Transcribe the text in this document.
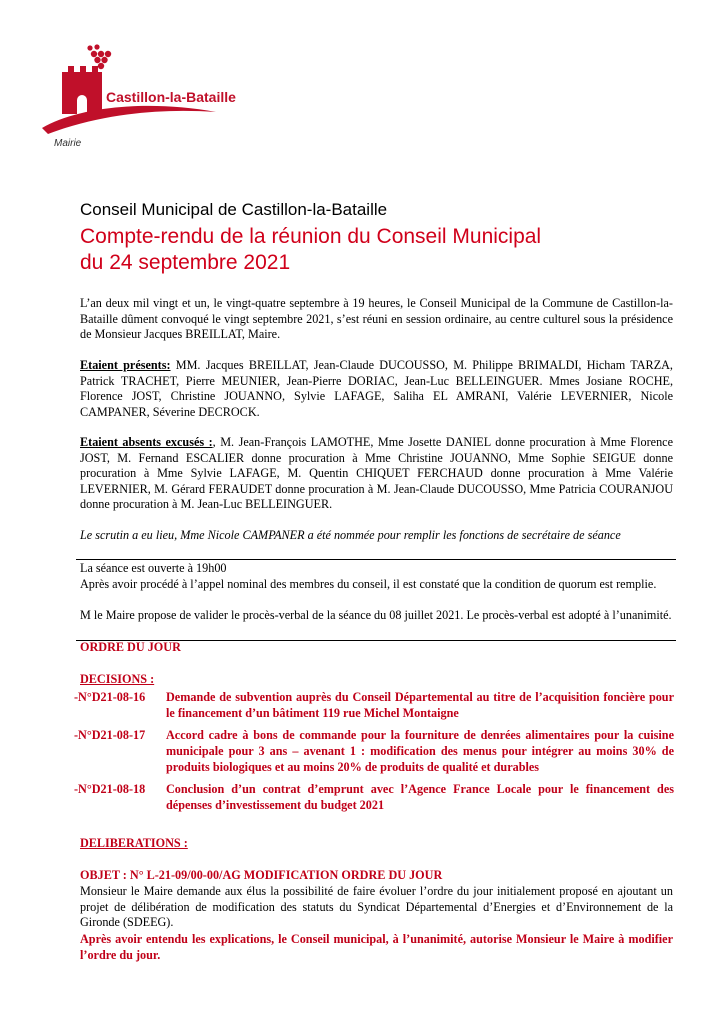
Castillon-la-Bataille
Mairie
Conseil Municipal de Castillon-la-Bataille
Compte-rendu de la réunion du Conseil Municipal
du 24 septembre 2021
L’an deux mil vingt et un, le vingt-quatre septembre à 19 heures, le Conseil Municipal de la Commune de Castillon-la-Bataille dûment convoqué le vingt septembre 2021, s’est réuni en session ordinaire, au centre culturel sous la présidence de Monsieur Jacques BREILLAT, Maire.
Etaient présents: MM. Jacques BREILLAT, Jean-Claude DUCOUSSO, M. Philippe BRIMALDI, Hicham TARZA, Patrick TRACHET, Pierre MEUNIER, Jean-Pierre DORIAC, Jean-Luc BELLEINGUER. Mmes Josiane ROCHE, Florence JOST, Christine JOUANNO, Sylvie LAFAGE, Saliha EL AMRANI, Valérie LEVERNIER, Nicole CAMPANER, Séverine DECROCK.
Etaient absents excusés :, M. Jean-François LAMOTHE, Mme Josette DANIEL donne procuration à Mme Florence JOST, M. Fernand ESCALIER donne procuration à Mme Christine JOUANNO, Mme Sophie SEIGUE donne procuration à Mme Sylvie LAFAGE, M. Quentin CHIQUET FERCHAUD donne procuration à Mme Valérie LEVERNIER, M. Gérard FERAUDET donne procuration à M. Jean-Claude DUCOUSSO, Mme Patricia COURANJOU donne procuration à M. Jean-Luc BELLEINGUER.
Le scrutin a eu lieu, Mme Nicole CAMPANER a été nommée pour remplir les fonctions de secrétaire de séance
La séance est ouverte à 19h00
Après avoir procédé à l’appel nominal des membres du conseil, il est constaté que la condition de quorum est remplie.
M le Maire propose de valider le procès-verbal de la séance du 08 juillet 2021. Le procès-verbal est adopté à l’unanimité.
ORDRE DU JOUR
DECISIONS :
-N°D21-08-16 Demande de subvention auprès du Conseil Départemental au titre de l’acquisition foncière pour le financement d’un bâtiment 119 rue Michel Montaigne
-N°D21-08-17 Accord cadre à bons de commande pour la fourniture de denrées alimentaires pour la cuisine municipale pour 3 ans – avenant 1 : modification des menus pour intégrer au moins 30% de produits biologiques et au moins 20% de produits de qualité et durables
-N°D21-08-18 Conclusion d’un contrat d’emprunt avec l’Agence France Locale pour le financement des dépenses d’investissement du budget 2021
DELIBERATIONS :
OBJET : N° L-21-09/00-00/AG MODIFICATION ORDRE DU JOUR
Monsieur le Maire demande aux élus la possibilité de faire évoluer l’ordre du jour initialement proposé en ajoutant un projet de délibération de modification des statuts du Syndicat Départemental d’Energies et d’Environnement de la Gironde (SDEEG).
Après avoir entendu les explications, le Conseil municipal, à l’unanimité, autorise Monsieur le Maire à modifier l’ordre du jour.
